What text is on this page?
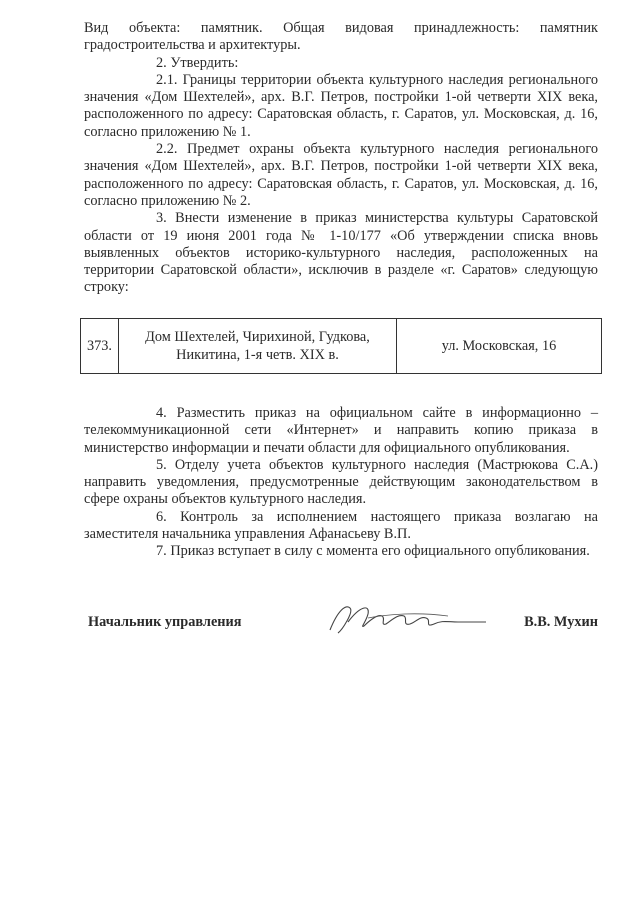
Вид объекта: памятник. Общая видовая принадлежность: памятник градостроительства и архитектуры.

2. Утвердить:

2.1. Границы территории объекта культурного наследия регионального значения «Дом Шехтелей», арх. В.Г. Петров, постройки 1-ой четверти XIX века, расположенного по адресу: Саратовская область, г. Саратов, ул. Московская, д. 16, согласно приложению № 1.

2.2. Предмет охраны объекта культурного наследия регионального значения «Дом Шехтелей», арх. В.Г. Петров, постройки 1-ой четверти XIX века, расположенного по адресу: Саратовская область, г. Саратов, ул. Московская, д. 16, согласно приложению № 2.

3. Внести изменение в приказ министерства культуры Саратовской области от 19 июня 2001 года № 1-10/177 «Об утверждении списка вновь выявленных объектов историко-культурного наследия, расположенных на территории Саратовской области», исключив в разделе «г. Саратов» следующую строку:

373.
Дом Шехтелей, Чирихиной, Гудкова, Никитина, 1-я четв. XIX в.
ул. Московская, 16

4. Разместить приказ на официальном сайте в информационно – телекоммуникационной сети «Интернет» и направить копию приказа в министерство информации и печати области для официального опубликования.

5. Отделу учета объектов культурного наследия (Мастрюкова С.А.) направить уведомления, предусмотренные действующим законодательством в сфере охраны объектов культурного наследия.

6. Контроль за исполнением настоящего приказа возлагаю на заместителя начальника управления Афанасьеву В.П.

7. Приказ вступает в силу с момента его официального опубликования.

Начальник управления	В.В. Мухин
